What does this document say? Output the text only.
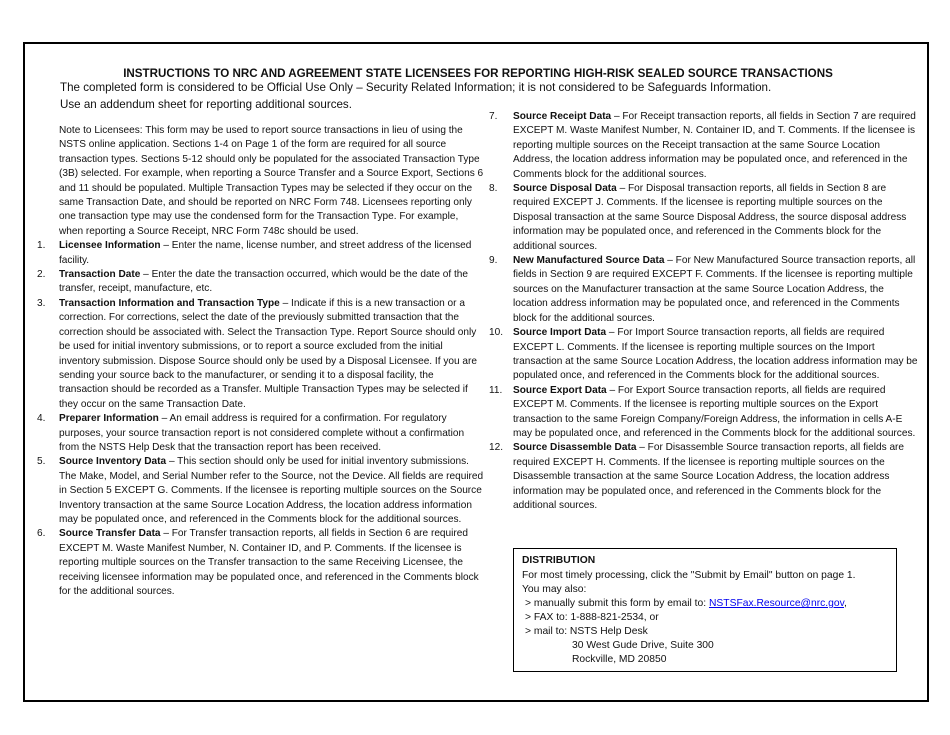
INSTRUCTIONS TO NRC AND AGREEMENT STATE LICENSEES FOR REPORTING HIGH-RISK SEALED SOURCE TRANSACTIONS

The completed form is considered to be Official Use Only – Security Related Information; it is not considered to be Safeguards Information.

Use an addendum sheet for reporting additional sources.

Note to Licensees: This form may be used to report source transactions in lieu of using the NSTS online application. Sections 1-4 on Page 1 of the form are required for all source transaction types. Sections 5-12 should only be populated for the associated Transaction Type (3B) selected. For example, when reporting a Source Transfer and a Source Export, Sections 6 and 11 should be populated. Multiple Transaction Types may be selected if they occur on the same Transaction Date, and should be reported on NRC Form 748. Licensees reporting only one transaction type may use the condensed form for the Transaction Type. For example, when reporting a Source Receipt, NRC Form 748c should be used.

1.	Licensee Information – Enter the name, license number, and street address of the licensed facility.
2.	Transaction Date – Enter the date the transaction occurred, which would be the date of the transfer, receipt, manufacture, etc.
3.	Transaction Information and Transaction Type – Indicate if this is a new transaction or a correction. For corrections, select the date of the previously submitted transaction that the correction should be associated with. Select the Transaction Type. Report Source should only be used for initial inventory submissions, or to report a source excluded from the initial inventory submission. Dispose Source should only be used by a Disposal Licensee. If you are sending your source back to the manufacturer, or sending it to a disposal facility, the transaction should be recorded as a Transfer. Multiple Transaction Types may be selected if they occur on the same Transaction Date.
4.	Preparer Information – An email address is required for a confirmation. For regulatory purposes, your source transaction report is not considered complete without a confirmation from the NSTS Help Desk that the transaction report has been received.
5.	Source Inventory Data – This section should only be used for initial inventory submissions. The Make, Model, and Serial Number refer to the Source, not the Device. All fields are required in Section 5 EXCEPT G. Comments. If the licensee is reporting multiple sources on the Source Inventory transaction at the same Source Location Address, the location address information may be populated once, and referenced in the Comments block for the additional sources.
6.	Source Transfer Data – For Transfer transaction reports, all fields in Section 6 are required EXCEPT M. Waste Manifest Number, N. Container ID, and P. Comments. If the licensee is reporting multiple sources on the Transfer transaction to the same Receiving Licensee, the receiving licensee information may be populated once, and referenced in the Comments block for the additional sources.
7.	Source Receipt Data – For Receipt transaction reports, all fields in Section 7 are required EXCEPT M. Waste Manifest Number, N. Container ID, and T. Comments. If the licensee is reporting multiple sources on the Receipt transaction at the same Source Location Address, the location address information may be populated once, and referenced in the Comments block for the additional sources.
8.	Source Disposal Data – For Disposal transaction reports, all fields in Section 8 are required EXCEPT J. Comments. If the licensee is reporting multiple sources on the Disposal transaction at the same Source Disposal Address, the source disposal address information may be populated once, and referenced in the Comments block for the additional sources.
9.	New Manufactured Source Data – For New Manufactured Source transaction reports, all fields in Section 9 are required EXCEPT F. Comments. If the licensee is reporting multiple sources on the Manufacturer transaction at the same Source Location Address, the location address information may be populated once, and referenced in the Comments block for the additional sources.
10. Source Import Data – For Import Source transaction reports, all fields are required EXCEPT L. Comments. If the licensee is reporting multiple sources on the Import transaction at the same Source Location Address, the location address information may be populated once, and referenced in the Comments block for the additional sources.
11.	Source Export Data – For Export Source transaction reports, all fields are required EXCEPT M. Comments. If the licensee is reporting multiple sources on the Export transaction to the same Foreign Company/Foreign Address, the information in cells A-E may be populated once, and referenced in the Comments block for the additional sources.
12. Source Disassemble Data – For Disassemble Source transaction reports, all fields are required EXCEPT H. Comments. If the licensee is reporting multiple sources on the Disassemble transaction at the same Source Location Address, the location address information may be populated once, and referenced in the Comments block for the additional sources.
DISTRIBUTION
For most timely processing, click the "Submit by Email" button on page 1.
You may also:
> manually submit this form by email to: NSTSFax.Resource@nrc.gov,
> FAX to: 1-888-821-2534, or
> mail to: NSTS Help Desk
30 West Gude Drive, Suite 300
Rockville, MD 20850
